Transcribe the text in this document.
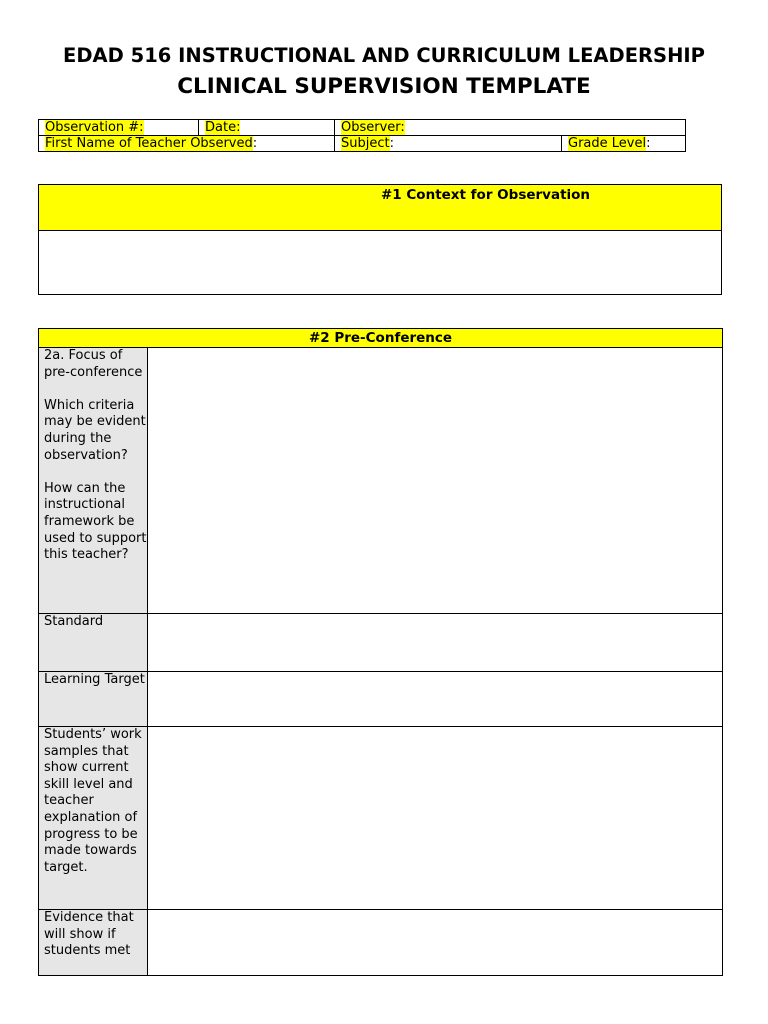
EDAD 516 INSTRUCTIONAL AND CURRICULUM LEADERSHIP
CLINICAL SUPERVISION TEMPLATE
Observation #:	Date:	Observer:	
First Name of Teacher Observed:		Subject:	Grade Level:
#1 Context for Observation
#2 Pre-Conference	

2a. Focus of pre-conference

Which criteria may be evident during the observation?

How can the instructional framework be used to support this teacher?	

Standard	

Learning Target	

Students’ work samples that show current skill level and teacher explanation of progress to be made towards target.	

Evidence that will show if students met	
